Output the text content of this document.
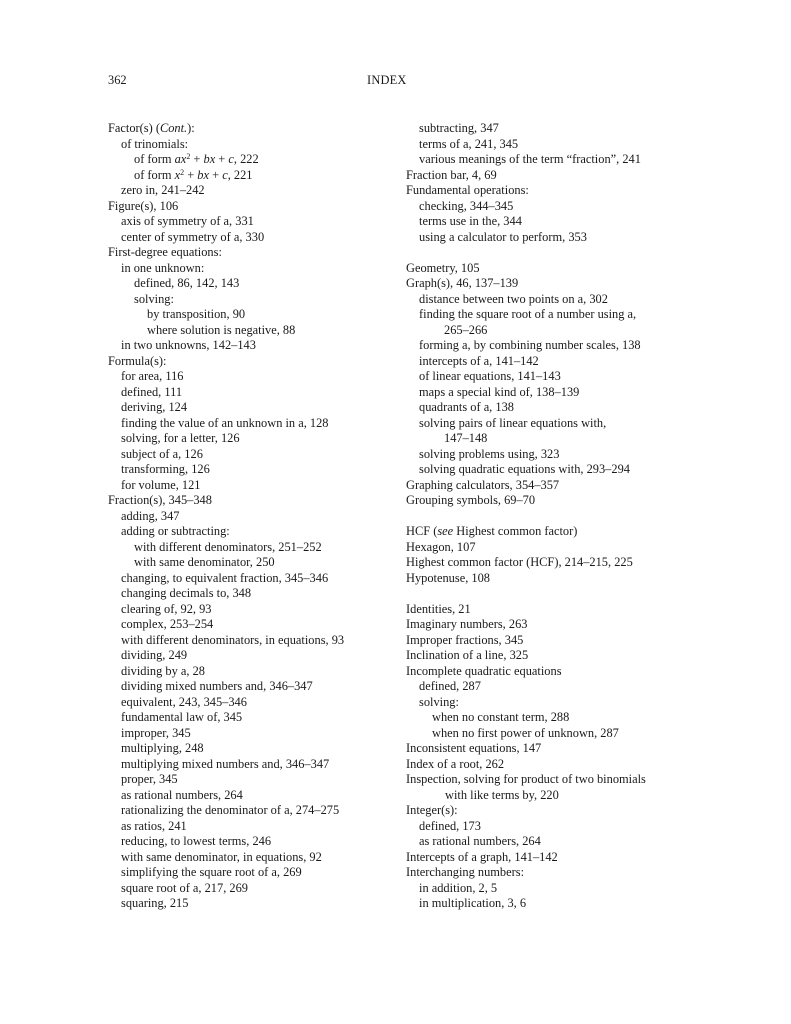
362	INDEX
Factor(s) (Cont.):
of trinomials:
of form $ax^2$ + bx + c, 222
of form $x^2$ + bx + c, 221
zero in, 241–242
Figure(s), 106
axis of symmetry of a, 331
center of symmetry of a, 330
First-degree equations:
in one unknown:
defined, 86, 142, 143
solving:
by transposition, 90
where solution is negative, 88
in two unknowns, 142–143
Formula(s):
for area, 116
defined, 111
deriving, 124
finding the value of an unknown in a, 128
solving, for a letter, 126
subject of a, 126
transforming, 126
for volume, 121
Fraction(s), 345–348
adding, 347
adding or subtracting:
with different denominators, 251–252
with same denominator, 250
changing, to equivalent fraction, 345–346
changing decimals to, 348
clearing of, 92, 93
complex, 253–254
with different denominators, in equations, 93
dividing, 249
dividing by a, 28
dividing mixed numbers and, 346–347
equivalent, 243, 345–346
fundamental law of, 345
improper, 345
multiplying, 248
multiplying mixed numbers and, 346–347
proper, 345
as rational numbers, 264
rationalizing the denominator of a, 274–275
as ratios, 241
reducing, to lowest terms, 246
with same denominator, in equations, 92
simplifying the square root of a, 269
square root of a, 217, 269
squaring, 215
subtracting, 347
terms of a, 241, 345
various meanings of the term “fraction”, 241
Fraction bar, 4, 69
Fundamental operations:
checking, 344–345
terms use in the, 344
using a calculator to perform, 353
Geometry, 105
Graph(s), 46, 137–139
distance between two points on a, 302
finding the square root of a number using a,
265–266
forming a, by combining number scales, 138
intercepts of a, 141–142
of linear equations, 141–143
maps a special kind of, 138–139
quadrants of a, 138
solving pairs of linear equations with,
147–148
solving problems using, 323
solving quadratic equations with, 293–294
Graphing calculators, 354–357
Grouping symbols, 69–70
HCF (see Highest common factor)
Hexagon, 107
Highest common factor (HCF), 214–215, 225
Hypotenuse, 108
Identities, 21
Imaginary numbers, 263
Improper fractions, 345
Inclination of a line, 325
Incomplete quadratic equations
defined, 287
solving:
when no constant term, 288
when no first power of unknown, 287
Inconsistent equations, 147
Index of a root, 262
Inspection, solving for product of two binomials
with like terms by, 220
Integer(s):
defined, 173
as rational numbers, 264
Intercepts of a graph, 141–142
Interchanging numbers:
in addition, 2, 5
in multiplication, 3, 6
